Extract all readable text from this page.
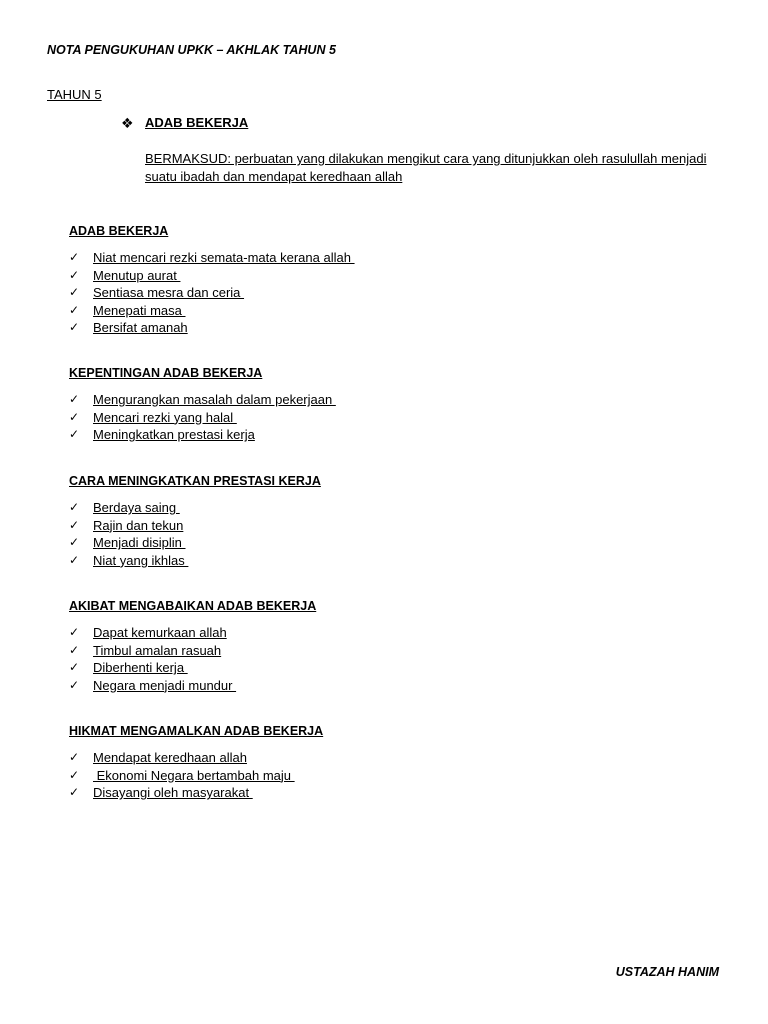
NOTA PENGUKUHAN UPKK – AKHLAK TAHUN 5
TAHUN 5
❖ ADAB BEKERJA
BERMAKSUD: perbuatan yang dilakukan mengikut cara yang ditunjukkan oleh rasulullah menjadi suatu ibadah dan mendapat keredhaan allah
ADAB BEKERJA
✓	Niat mencari rezki semata-mata kerana allah
✓	Menutup aurat
✓	Sentiasa mesra dan ceria
✓	Menepati masa
✓	Bersifat amanah
KEPENTINGAN ADAB BEKERJA
✓	Mengurangkan masalah dalam pekerjaan
✓	Mencari rezki yang halal
✓	Meningkatkan prestasi kerja
CARA MENINGKATKAN PRESTASI KERJA
✓	Berdaya saing
✓	Rajin dan tekun
✓	Menjadi disiplin
✓	Niat yang ikhlas
AKIBAT MENGABAIKAN ADAB BEKERJA
✓	Dapat kemurkaan allah
✓	Timbul amalan rasuah
✓	Diberhenti kerja
✓	Negara menjadi mundur
HIKMAT MENGAMALKAN ADAB BEKERJA
✓	Mendapat keredhaan allah
✓	Ekonomi Negara bertambah maju
✓	Disayangi oleh masyarakat
USTAZAH HANIM
